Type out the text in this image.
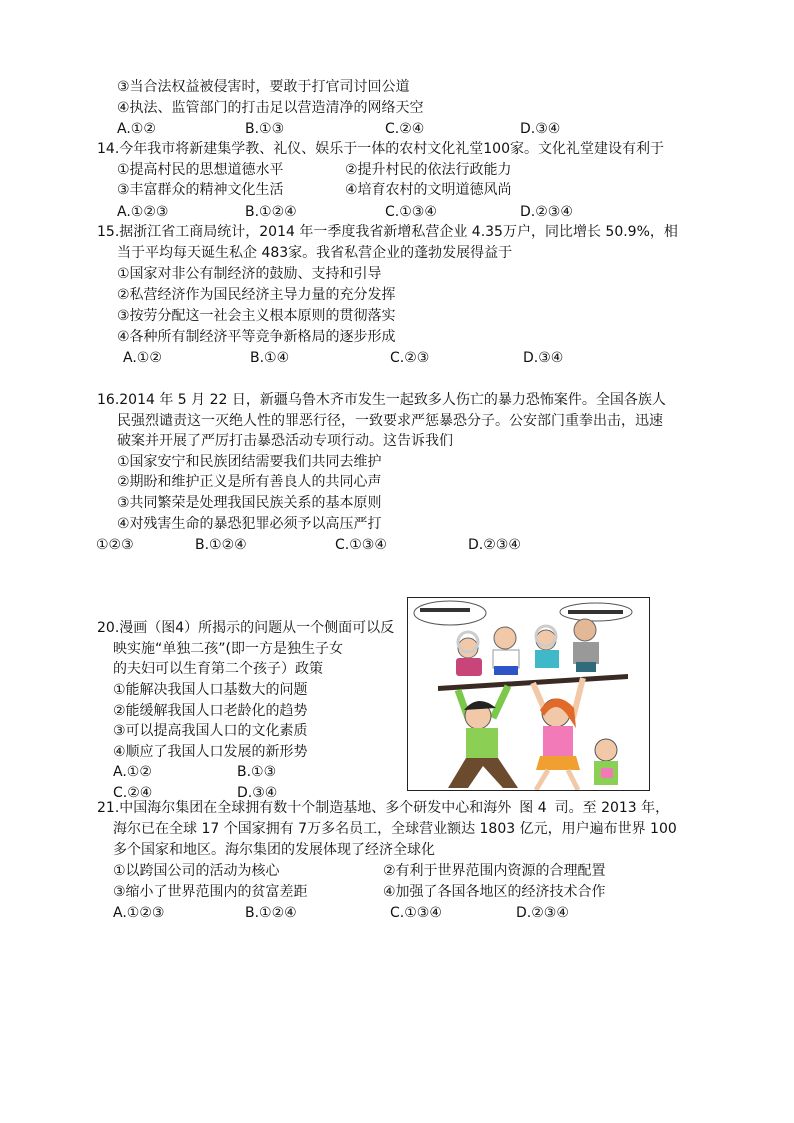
③当合法权益被侵害时，要敢于打官司讨回公道
④执法、监管部门的打击足以营造清净的网络天空
A.①②	B.①③	C.②④	D.③④
14.今年我市将新建集学教、礼仪、娱乐于一体的农村文化礼堂100家。文化礼堂建设有利于
①提高村民的思想道德水平	②提升村民的依法行政能力
③丰富群众的精神文化生活	④培育农村的文明道德风尚
A.①②③	B.①②④	C.①③④	D.②③④
15.据浙江省工商局统计，2014 年一季度我省新增私营企业 4.35万户，同比增长 50.9%，相
当于平均每天诞生私企 483家。我省私营企业的蓬勃发展得益于
①国家对非公有制经济的鼓励、支持和引导
②私营经济作为国民经济主导力量的充分发挥
③按劳分配这一社会主义根本原则的贯彻落实
④各种所有制经济平等竞争新格局的逐步形成
A.①②	B.①④	C.②③	D.③④
16.2014 年 5 月 22 日，新疆乌鲁木齐市发生一起致多人伤亡的暴力恐怖案件。全国各族人
民强烈谴责这一灭绝人性的罪恶行径，一致要求严惩暴恐分子。公安部门重拳出击，迅速
破案并开展了严厉打击暴恐活动专项行动。这告诉我们
①国家安宁和民族团结需要我们共同去维护
②期盼和维护正义是所有善良人的共同心声
③共同繁荣是处理我国民族关系的基本原则
④对残害生命的暴恐犯罪必须予以高压严打
①②③	B.①②④	C.①③④	D.②③④
20.漫画（图4）所揭示的问题从一个侧面可以反
映实施“单独二孩”(即一方是独生子女
的夫妇可以生育第二个孩子）政策
①能解决我国人口基数大的问题
②能缓解我国人口老龄化的趋势
③可以提高我国人口的文化素质
④顺应了我国人口发展的新形势
A.①②	B.①③
C.②④	D.③④
21.中国海尔集团在全球拥有数十个制造基地、多个研发中心和海外 图 4 司。至 2013 年，
海尔已在全球 17 个国家拥有 7万多名员工，全球营业额达 1803 亿元，用户遍布世界 100
多个国家和地区。海尔集团的发展体现了经济全球化
①以跨国公司的活动为核心	②有利于世界范围内资源的合理配置
③缩小了世界范围内的贫富差距	④加强了各国各地区的经济技术合作
A.①②③	B.①②④	C.①③④	D.②③④
